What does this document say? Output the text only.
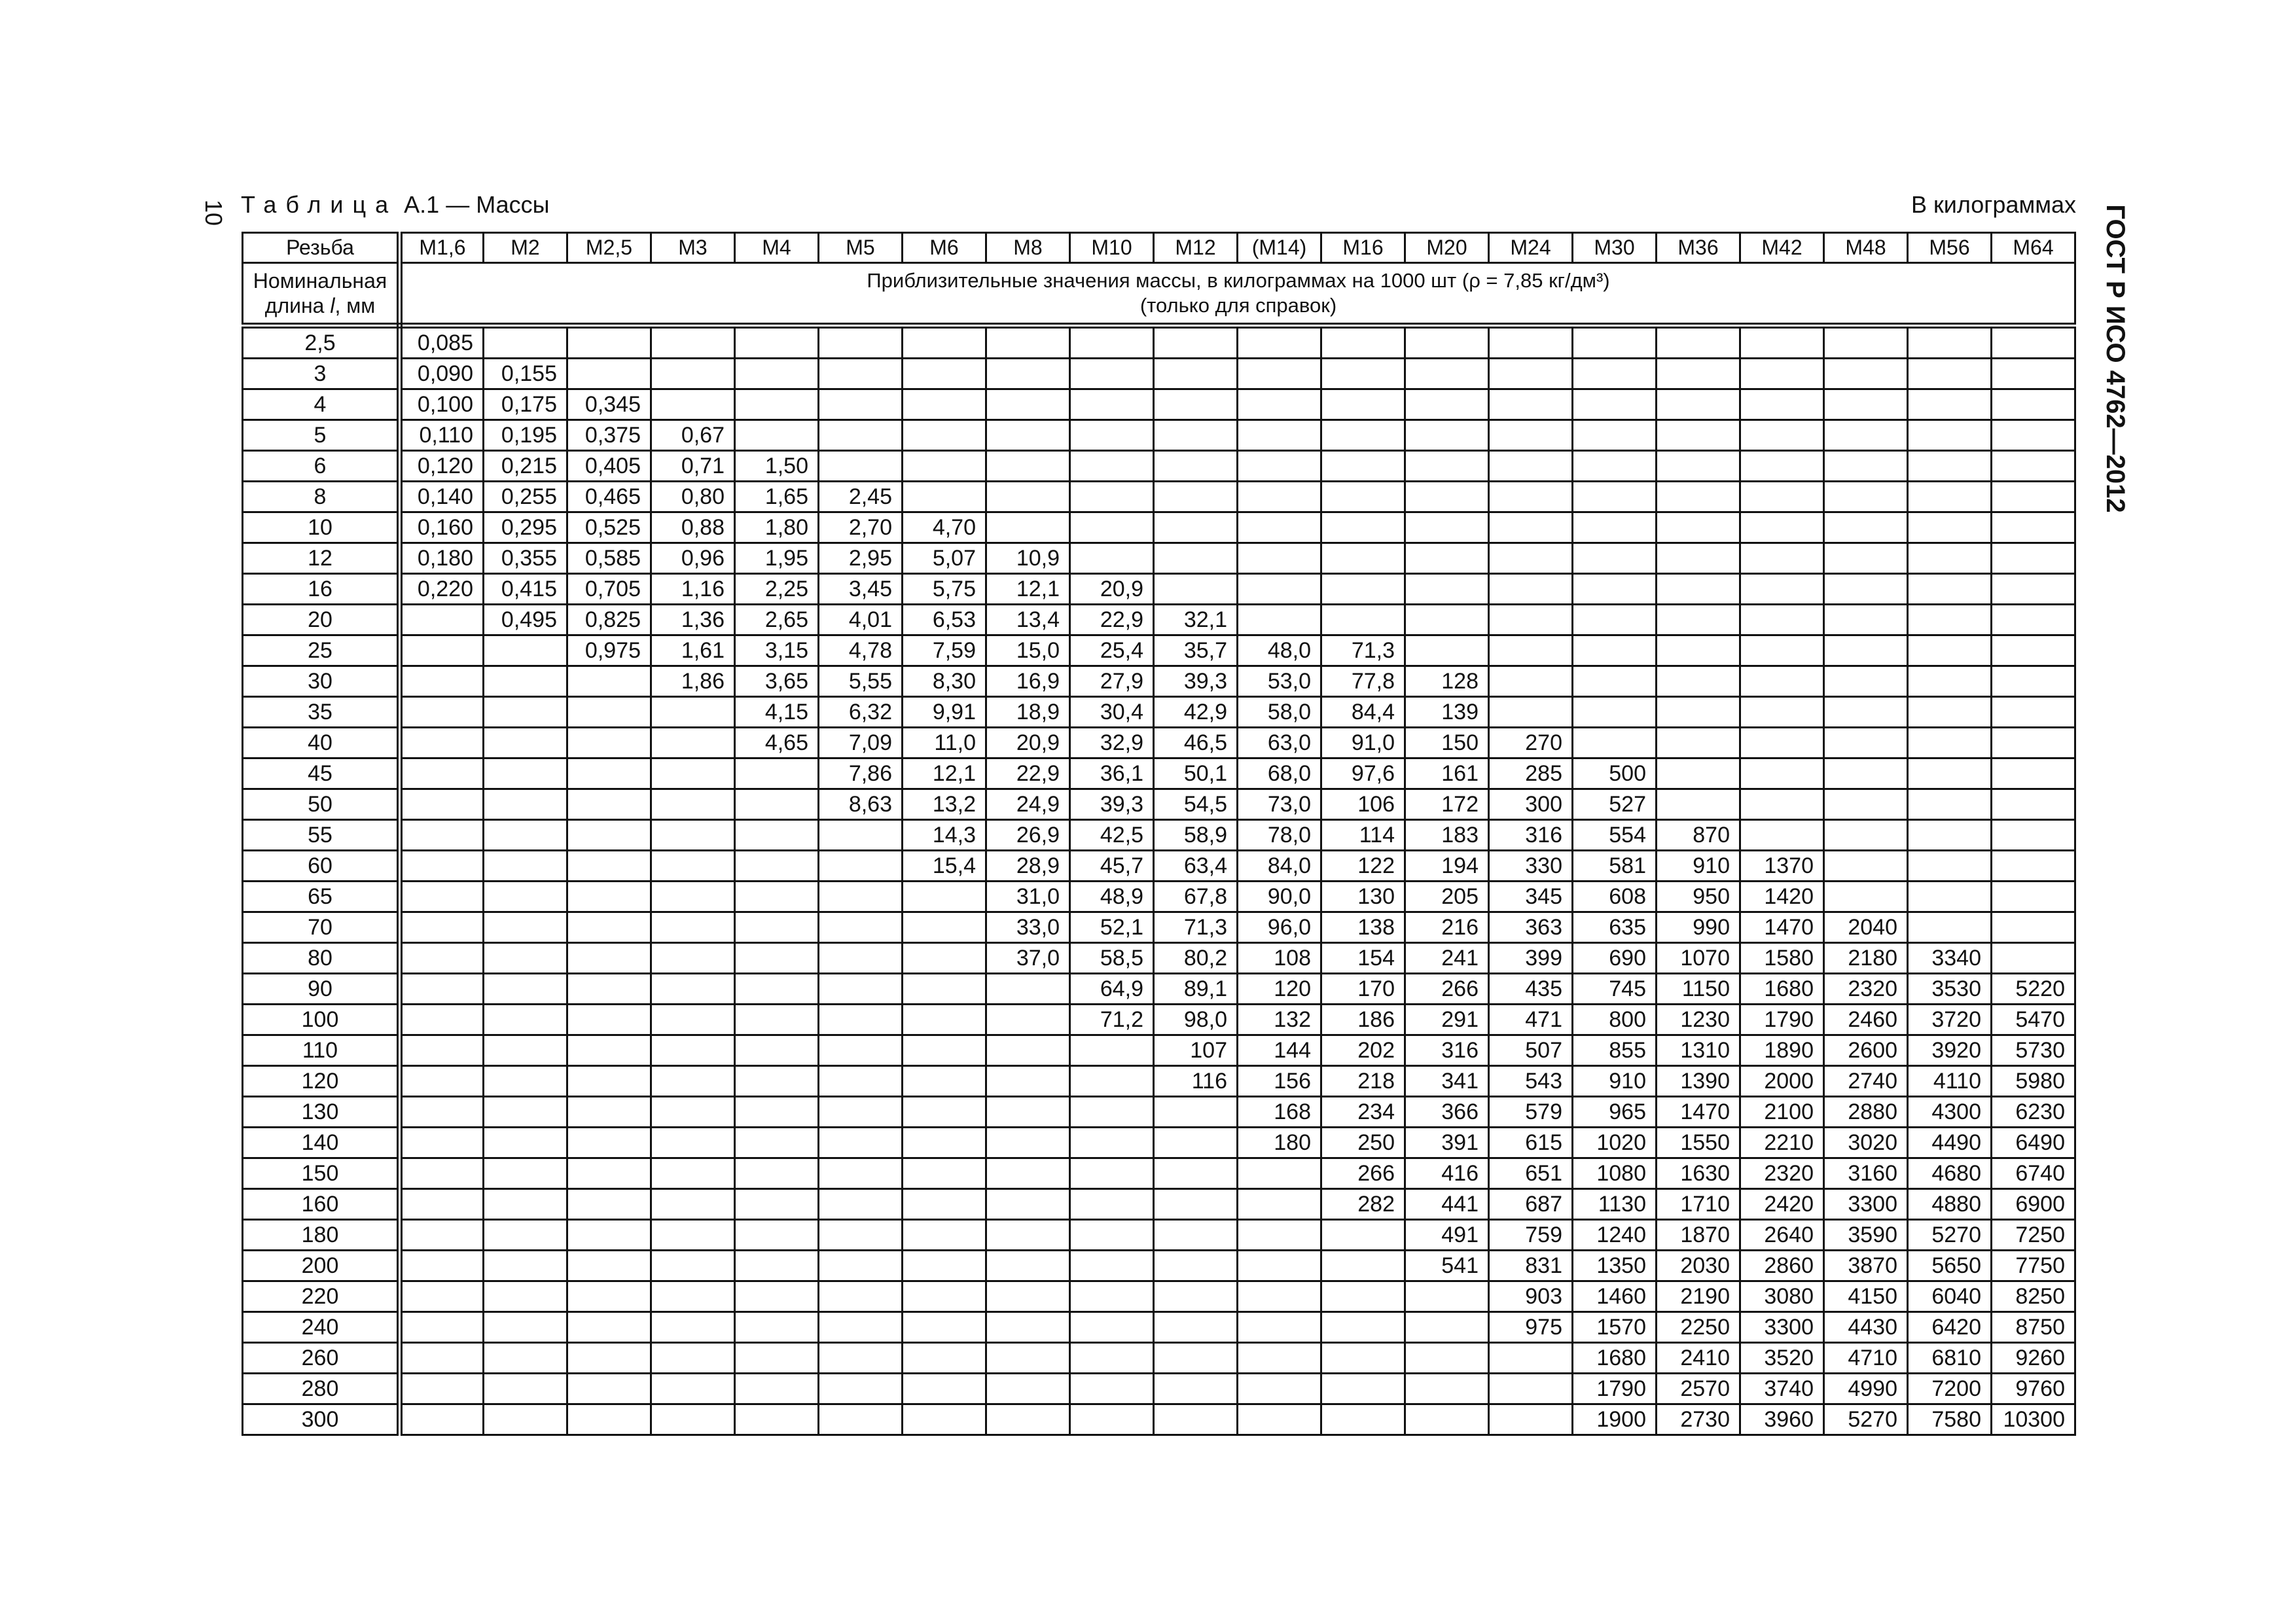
10 Таблица A.1 — Массы	В килограммах ГОСТ Р ИСО 4762—2012
Резьба	M1,6	M2	M2,5	M3	M4	M5	M6	M8	M10	M12	(M14)	M16	M20	M24	M30	M36	M42	M48	M56	M64
Номинальная
длина l, мм	Приблизительные значения массы, в килограммах на 1000 шт (ρ = 7,85 кг/дм³)
(только для справок)																			
2,5	0,085																			
3	0,090	0,155																		
4	0,100	0,175	0,345																	
5	0,110	0,195	0,375	0,67																
6	0,120	0,215	0,405	0,71	1,50															
8	0,140	0,255	0,465	0,80	1,65	2,45														
10	0,160	0,295	0,525	0,88	1,80	2,70	4,70													
12	0,180	0,355	0,585	0,96	1,95	2,95	5,07	10,9												
16	0,220	0,415	0,705	1,16	2,25	3,45	5,75	12,1	20,9											
20		0,495	0,825	1,36	2,65	4,01	6,53	13,4	22,9	32,1										
25			0,975	1,61	3,15	4,78	7,59	15,0	25,4	35,7	48,0	71,3								
30				1,86	3,65	5,55	8,30	16,9	27,9	39,3	53,0	77,8	128							
35					4,15	6,32	9,91	18,9	30,4	42,9	58,0	84,4	139							
40					4,65	7,09	11,0	20,9	32,9	46,5	63,0	91,0	150	270						
45						7,86	12,1	22,9	36,1	50,1	68,0	97,6	161	285	500					
50						8,63	13,2	24,9	39,3	54,5	73,0	106	172	300	527					
55							14,3	26,9	42,5	58,9	78,0	114	183	316	554	870				
60							15,4	28,9	45,7	63,4	84,0	122	194	330	581	910	1370			
65								31,0	48,9	67,8	90,0	130	205	345	608	950	1420			
70								33,0	52,1	71,3	96,0	138	216	363	635	990	1470	2040		
80								37,0	58,5	80,2	108	154	241	399	690	1070	1580	2180	3340	
90									64,9	89,1	120	170	266	435	745	1150	1680	2320	3530	5220
100									71,2	98,0	132	186	291	471	800	1230	1790	2460	3720	5470
110										107	144	202	316	507	855	1310	1890	2600	3920	5730
120										116	156	218	341	543	910	1390	2000	2740	4110	5980
130											168	234	366	579	965	1470	2100	2880	4300	6230
140											180	250	391	615	1020	1550	2210	3020	4490	6490
150												266	416	651	1080	1630	2320	3160	4680	6740
160												282	441	687	1130	1710	2420	3300	4880	6900
180													491	759	1240	1870	2640	3590	5270	7250
200													541	831	1350	2030	2860	3870	5650	7750
220														903	1460	2190	3080	4150	6040	8250
240														975	1570	2250	3300	4430	6420	8750
260															1680	2410	3520	4710	6810	9260
280															1790	2570	3740	4990	7200	9760
300															1900	2730	3960	5270	7580	10300
